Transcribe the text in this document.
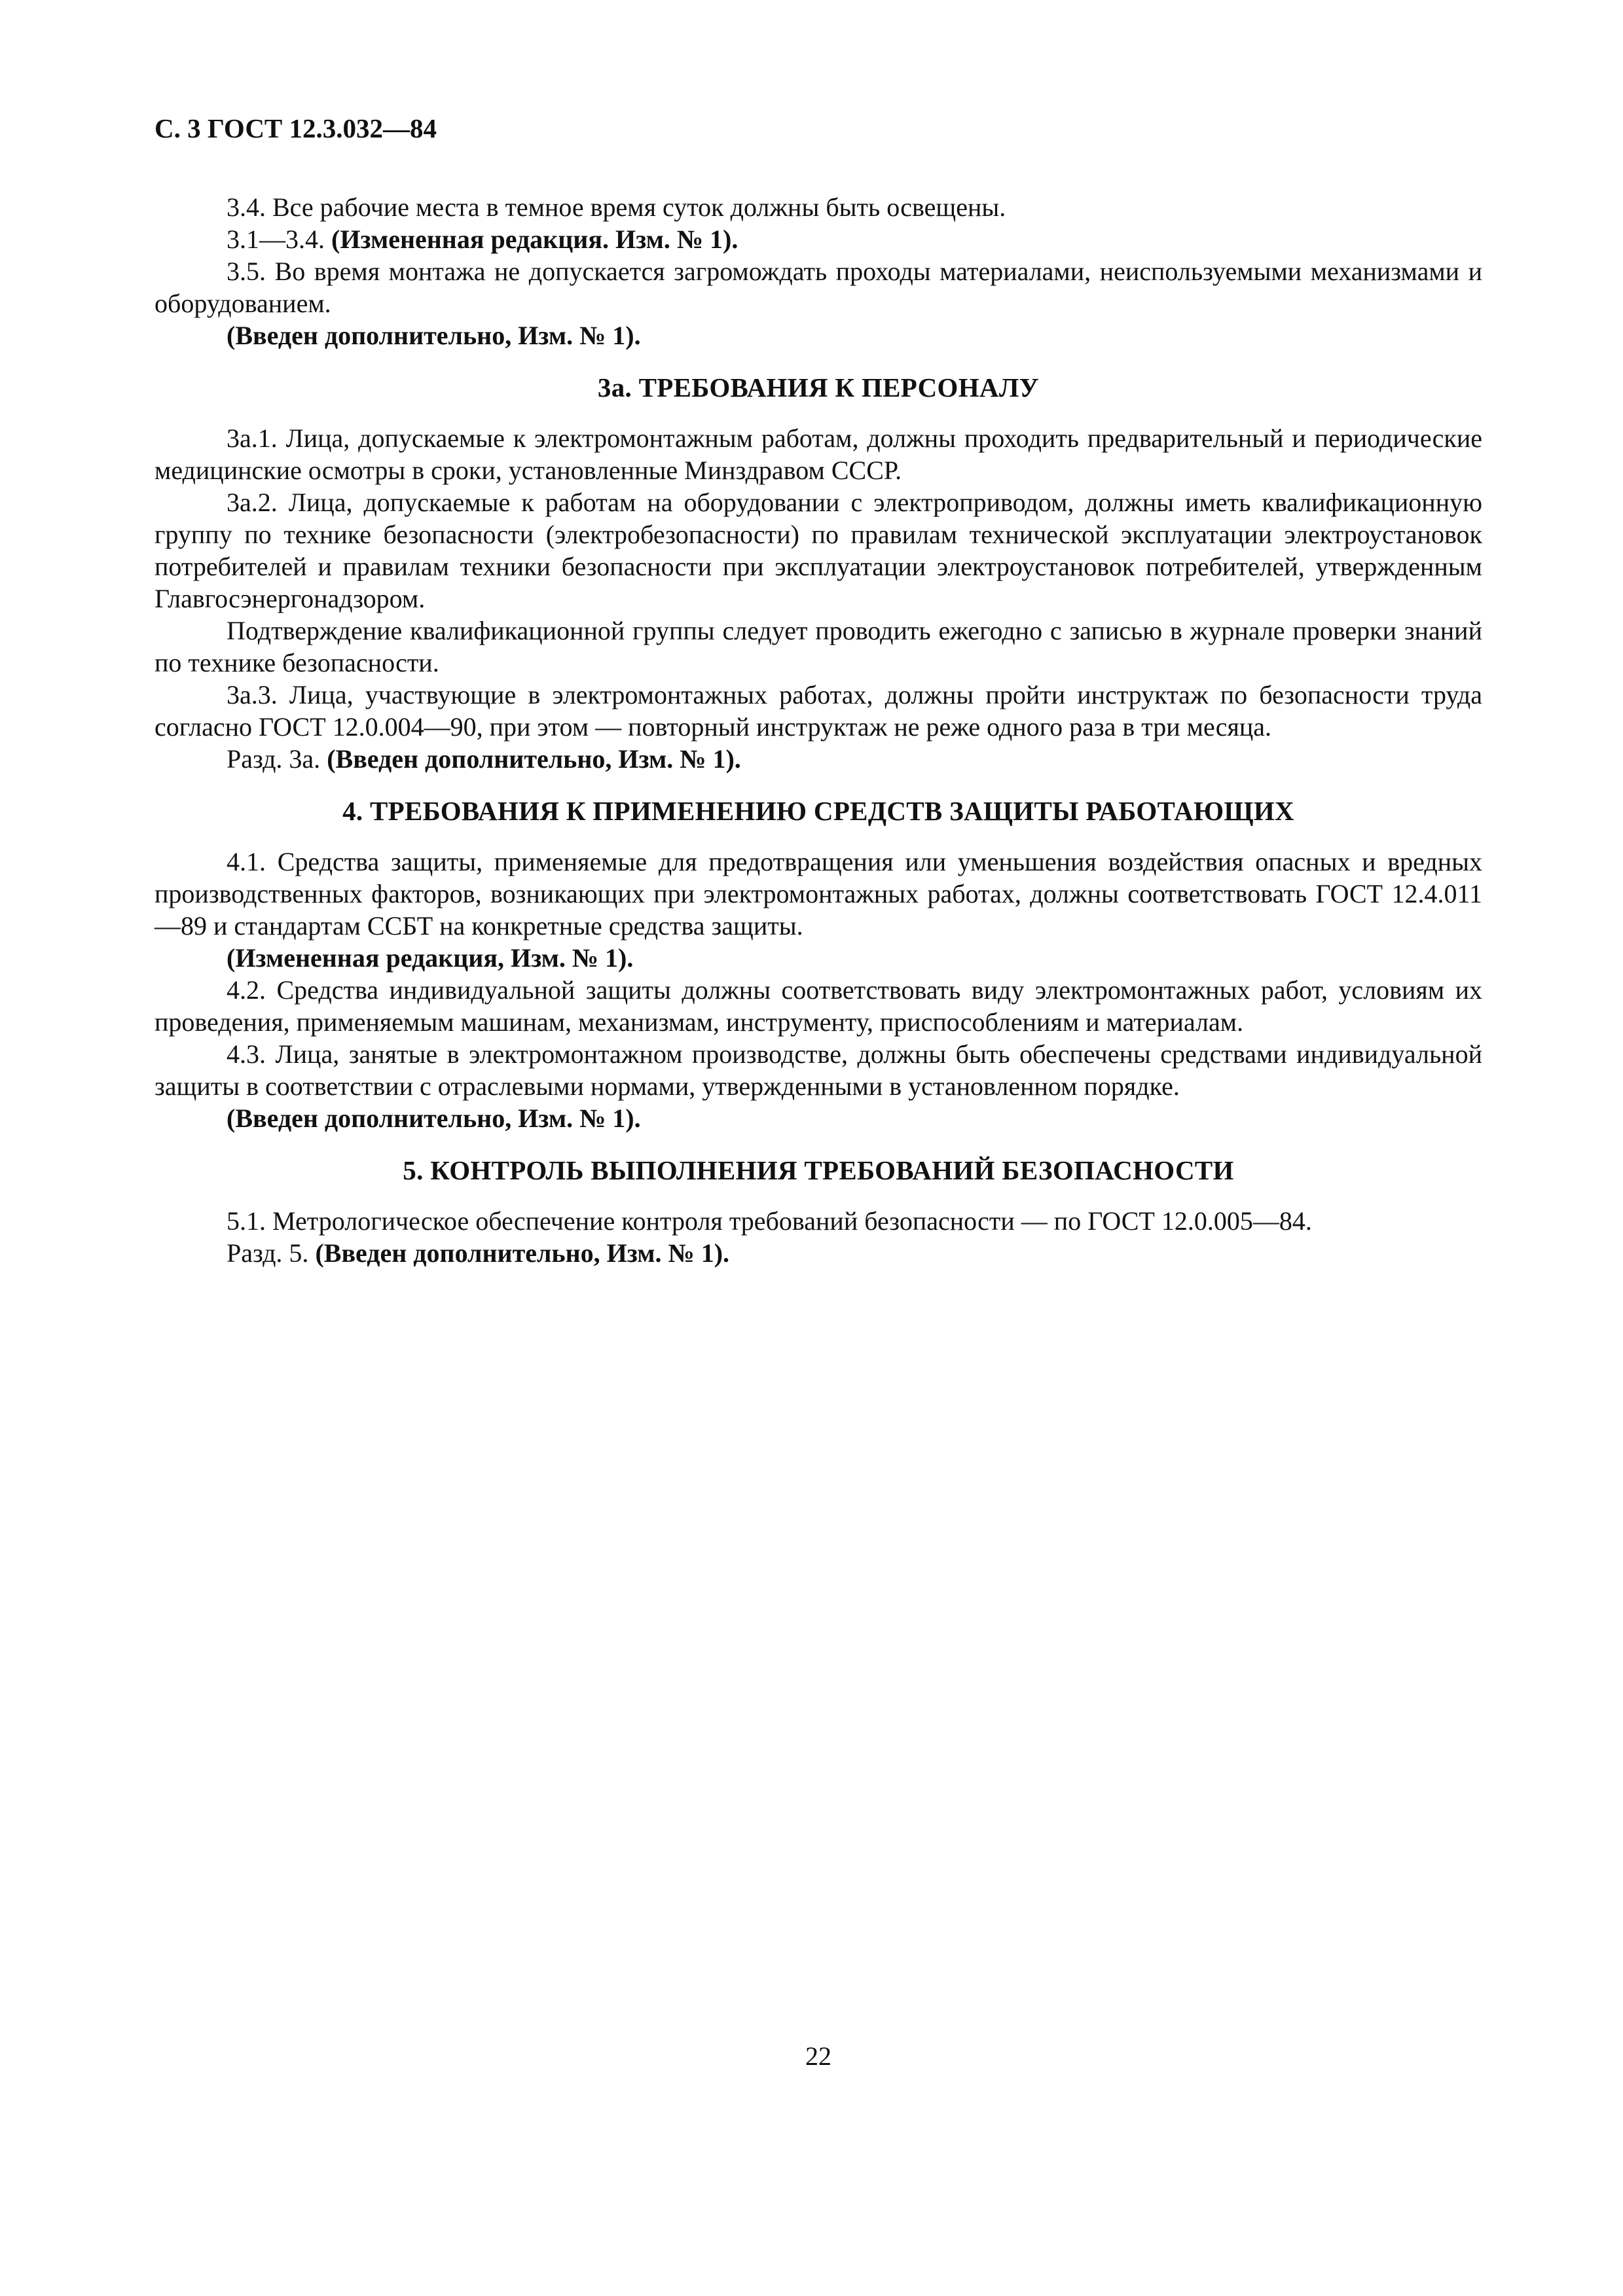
С. 3 ГОСТ 12.3.032—84

3.4. Все рабочие места в темное время суток должны быть освещены.

3.1—3.4. (Измененная редакция. Изм. № 1).

3.5. Во время монтажа не допускается загромождать проходы материалами, неиспользуемыми механизмами и оборудованием.

(Введен дополнительно, Изм. № 1).

3а. ТРЕБОВАНИЯ К ПЕРСОНАЛУ

3а.1. Лица, допускаемые к электромонтажным работам, должны проходить предварительный и периодические медицинские осмотры в сроки, установленные Минздравом СССР.

3а.2. Лица, допускаемые к работам на оборудовании с электроприводом, должны иметь квалификационную группу по технике безопасности (электробезопасности) по правилам технической эксплуатации электроустановок потребителей и правилам техники безопасности при эксплуатации электроустановок потребителей, утвержденным Главгосэнергонадзором.

Подтверждение квалификационной группы следует проводить ежегодно с записью в журнале проверки знаний по технике безопасности.

3а.3. Лица, участвующие в электромонтажных работах, должны пройти инструктаж по безопасности труда согласно ГОСТ 12.0.004—90, при этом — повторный инструктаж не реже одного раза в три месяца.

Разд. 3а. (Введен дополнительно, Изм. № 1).

4. ТРЕБОВАНИЯ К ПРИМЕНЕНИЮ СРЕДСТВ ЗАЩИТЫ РАБОТАЮЩИХ

4.1. Средства защиты, применяемые для предотвращения или уменьшения воздействия опасных и вредных производственных факторов, возникающих при электромонтажных работах, должны соответствовать ГОСТ 12.4.011—89 и стандартам ССБТ на конкретные средства защиты.

(Измененная редакция, Изм. № 1).

4.2. Средства индивидуальной защиты должны соответствовать виду электромонтажных работ, условиям их проведения, применяемым машинам, механизмам, инструменту, приспособлениям и материалам.

4.3. Лица, занятые в электромонтажном производстве, должны быть обеспечены средствами индивидуальной защиты в соответствии с отраслевыми нормами, утвержденными в установленном порядке.

(Введен дополнительно, Изм. № 1).

5. КОНТРОЛЬ ВЫПОЛНЕНИЯ ТРЕБОВАНИЙ БЕЗОПАСНОСТИ

5.1. Метрологическое обеспечение контроля требований безопасности — по ГОСТ 12.0.005—84.

Разд. 5. (Введен дополнительно, Изм. № 1).

22
